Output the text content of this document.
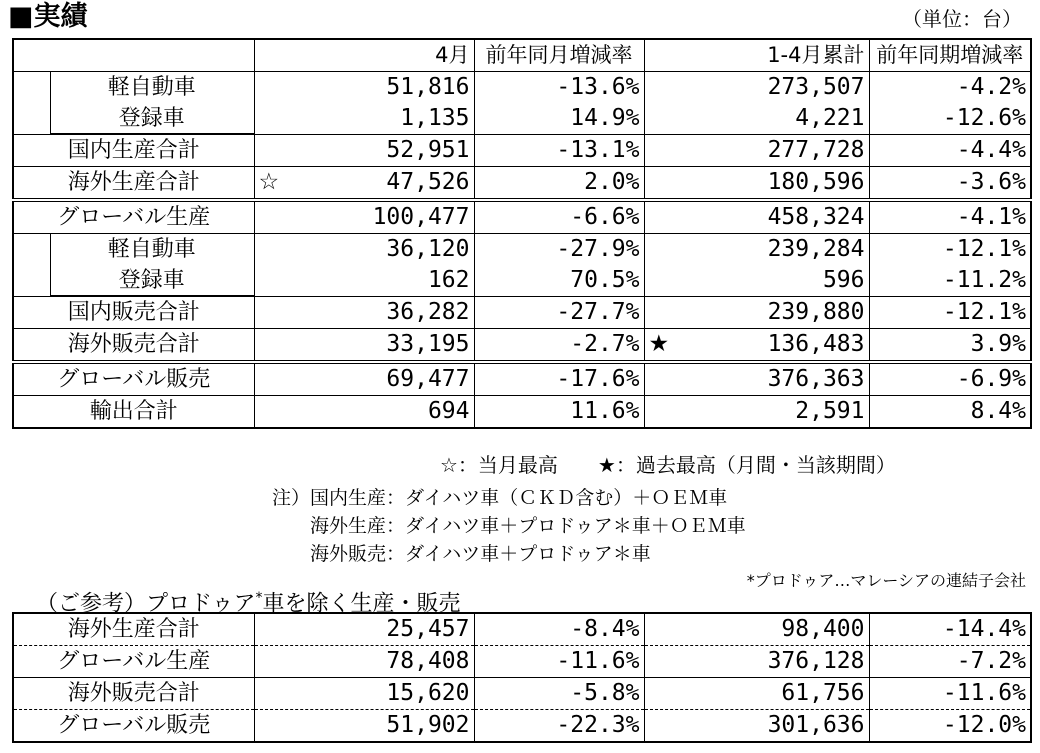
■実績	（単位：台）
	4月	前年同月増減率	1-4月累計	前年同期増減率

軽自動車	51,816	-13.6%	273,507	-4.2%

登録車	1,135	14.9%	4,221	-12.6%
国内生産合計	52,951	-13.1%	277,728	-4.4%
海外生産合計	☆ 47,526	2.0%	180,596	-3.6%
グローバル生産	100,477	-6.6%	458,324	-4.1%

軽自動車	36,120	-27.9%	239,284	-12.1%

登録車	162	70.5%	596	-11.2%
国内販売合計	36,282	-27.7%	239,880	-12.1%
海外販売合計	33,195	-2.7%	★ 136,483	3.9%
グローバル販売	69,477	-17.6%	376,363	-6.9%
輸出合計	694	11.6%	2,591	8.4%
☆：当月最高　　★：過去最高（月間・当該期間）
注）国内生産：ダイハツ車（ＣＫＤ含む）＋ＯＥＭ車
　　海外生産：ダイハツ車＋プロドゥア＊車＋ＯＥＭ車
　　海外販売：ダイハツ車＋プロドゥア＊車
*プロドゥア…マレーシアの連結子会社
（ご参考）プロドゥア*車を除く生産・販売
海外生産合計	25,457	-8.4%	98,400	-14.4%
グローバル生産	78,408	-11.6%	376,128	-7.2%
海外販売合計	15,620	-5.8%	61,756	-11.6%
グローバル販売	51,902	-22.3%	301,636	-12.0%
